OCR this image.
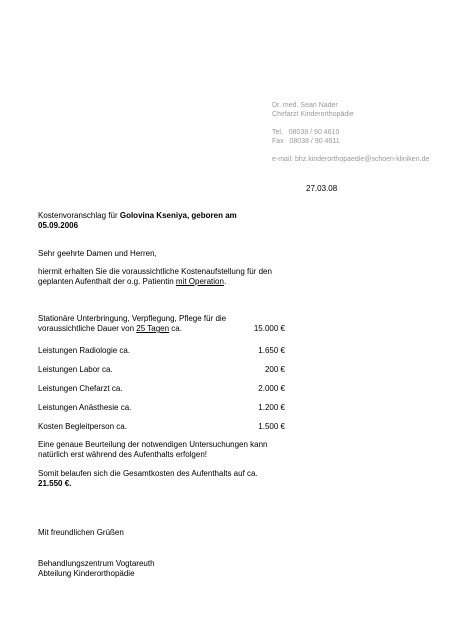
Dr. med. Sean Nader
Chefarzt Kinderorthopädie
Tel. 08038 / 90 4610
Fax 08038 / 90 4611
e-mail: bhz.kinderorthopaedie@schoen-kliniken.de
27.03.08
Kostenvoranschlag für Golovina Kseniya, geboren am
05.09.2006
Sehr geehrte Damen und Herren,
hiermit erhalten Sie die voraussichtliche Kostenaufstellung für den
geplanten Aufenthalt der o.g. Patientin mit Operation.
Stationäre Unterbringung, Verpflegung, Pflege für die
voraussichtliche Dauer von 25 Tagen ca.	15.000 €
Leistungen Radiologie ca.	1.650 €
Leistungen Labor ca.	200 €
Leistungen Chefarzt ca.	2.000 €
Leistungen Anästhesie ca.	1.200 €
Kosten Begleitperson ca.	1.500 €
Eine genaue Beurteilung der notwendigen Untersuchungen kann
natürlich erst während des Aufenthalts erfolgen!
Somit belaufen sich die Gesamtkosten des Aufenthalts auf ca.
21.550 €.
Mit freundlichen Grüßen
Behandlungszentrum Vogtareuth
Abteilung Kinderorthopädie
